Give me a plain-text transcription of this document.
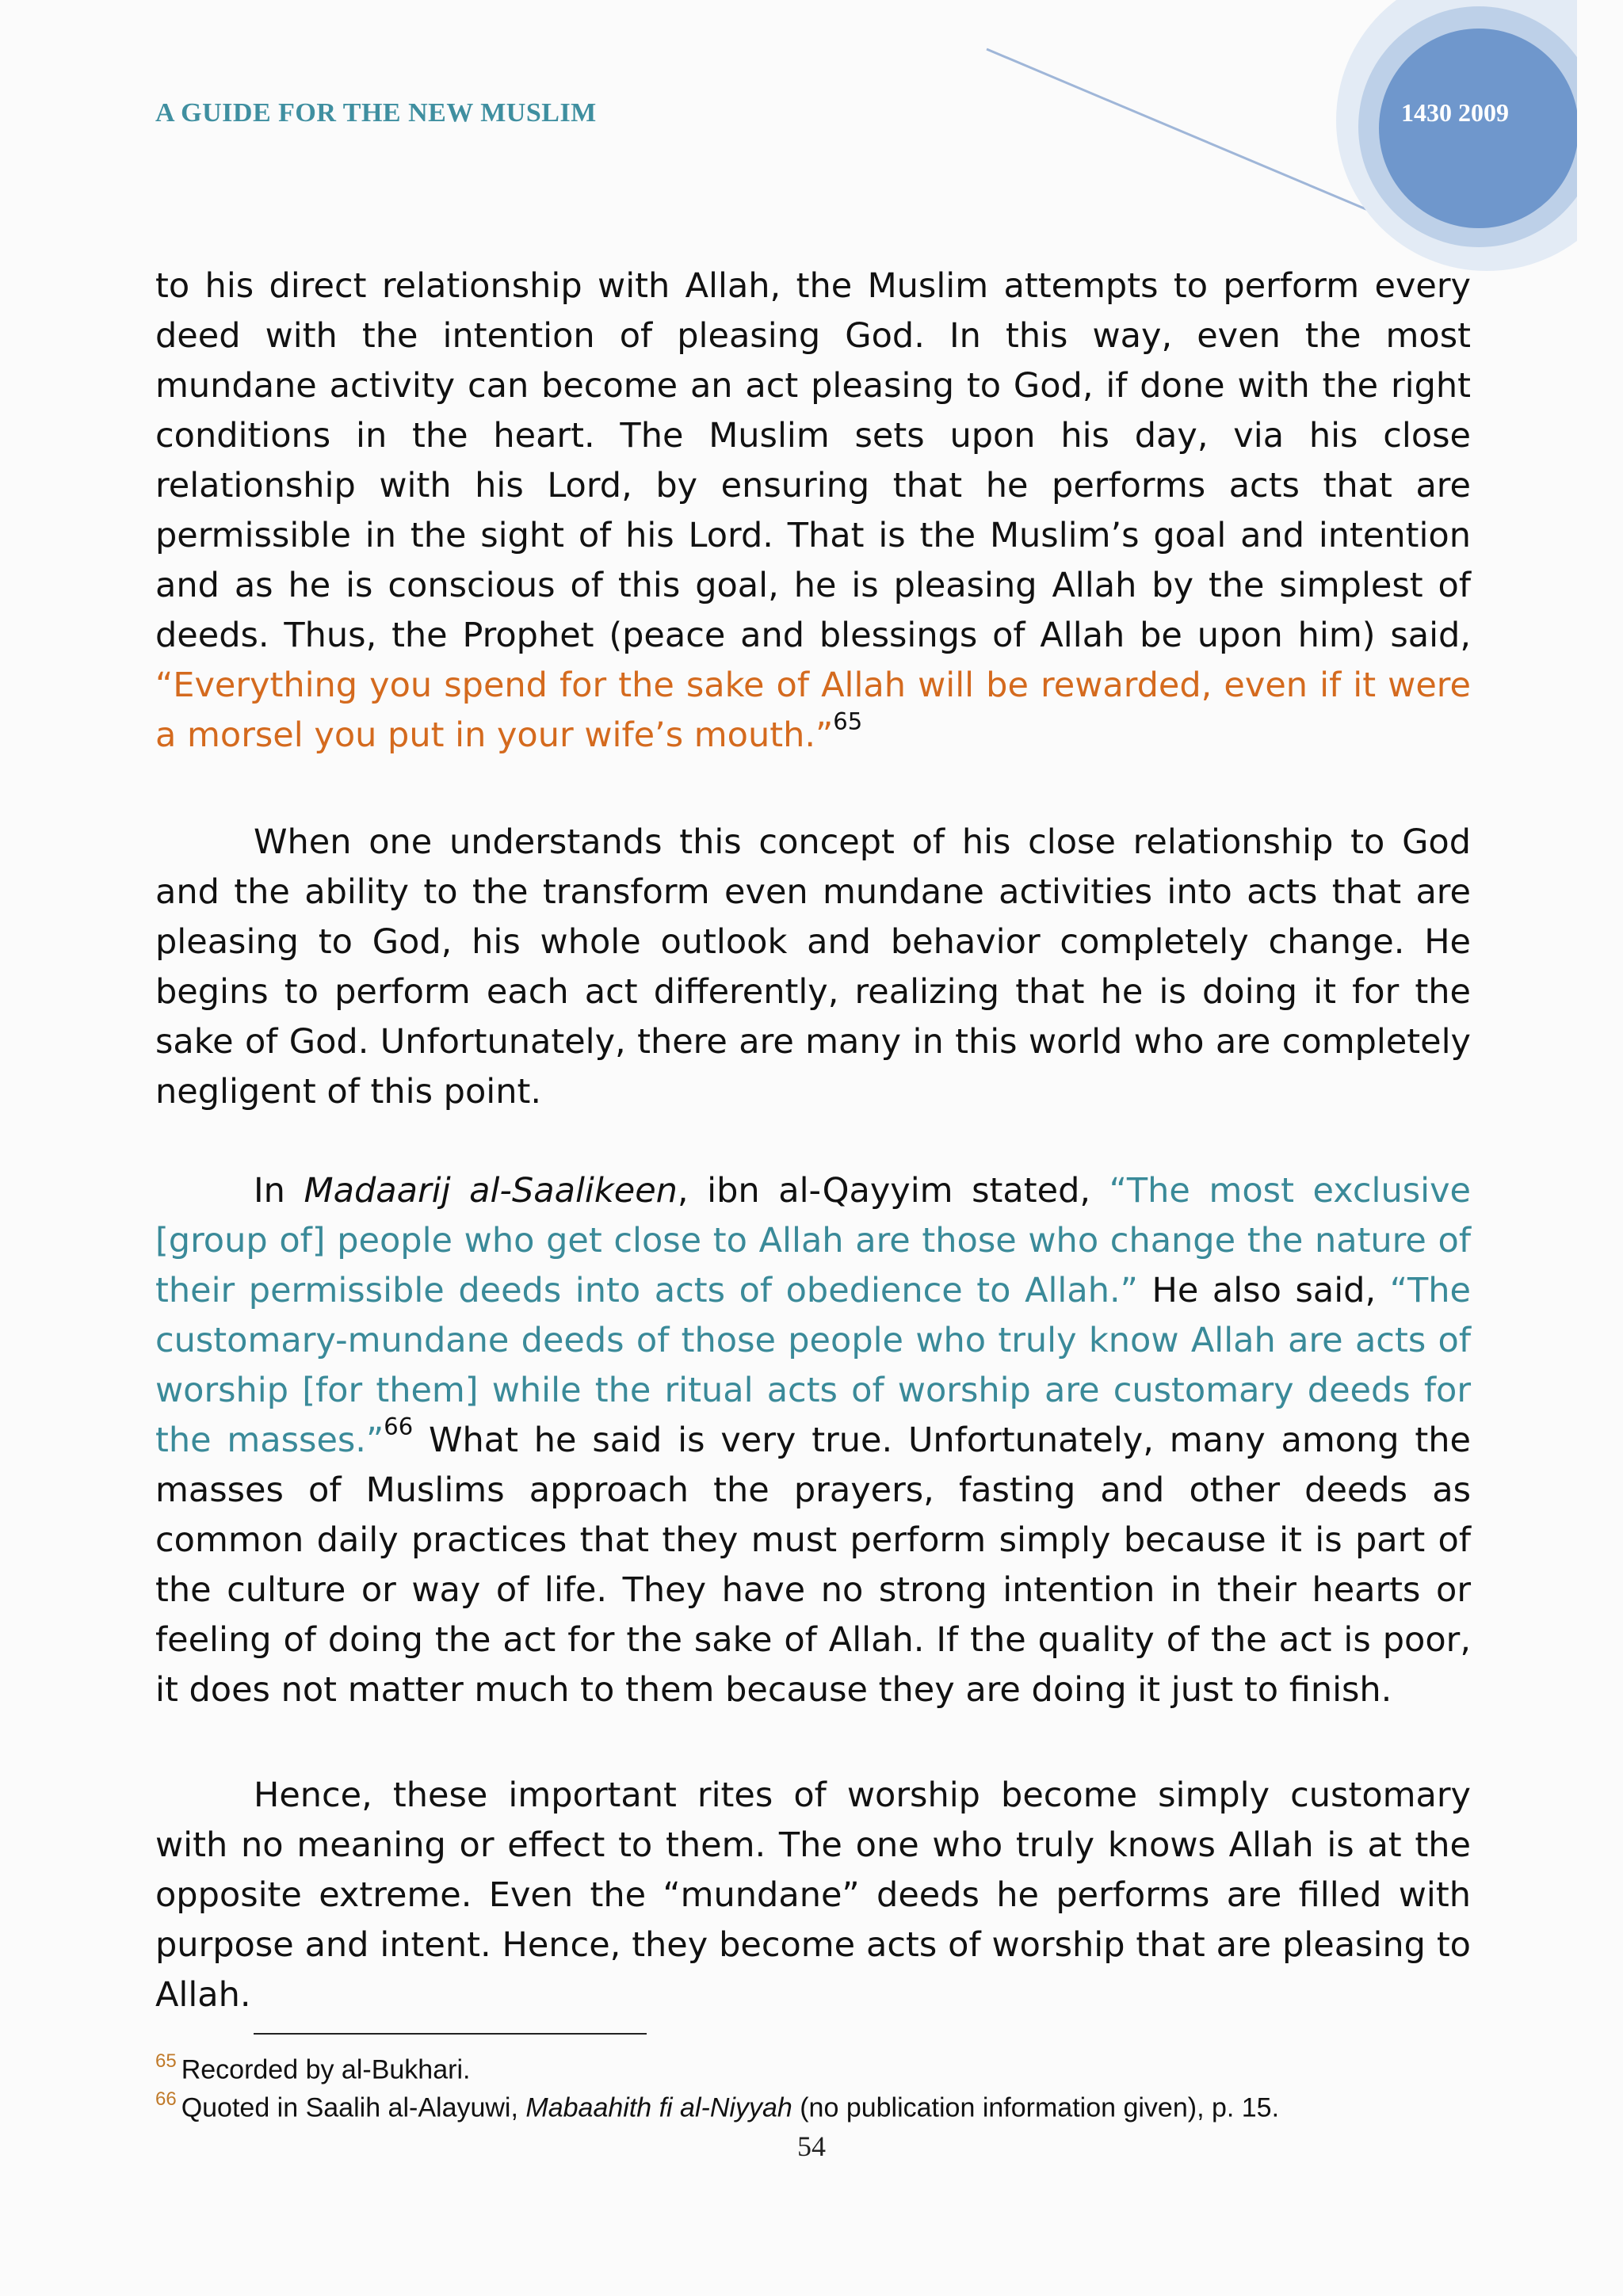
A GUIDE FOR THE NEW MUSLIM	1430 2009
to his direct relationship with Allah, the Muslim attempts to perform every deed with the intention of pleasing God. In this way, even the most mundane activity can become an act pleasing to God, if done with the right conditions in the heart. The Muslim sets upon his day, via his close relationship with his Lord, by ensuring that he performs acts that are permissible in the sight of his Lord. That is the Muslim’s goal and intention and as he is conscious of this goal, he is pleasing Allah by the simplest of deeds. Thus, the Prophet (peace and blessings of Allah be upon him) said, “Everything you spend for the sake of Allah will be rewarded, even if it were a morsel you put in your wife’s mouth.”$^{65}$
When one understands this concept of his close relationship to God and the ability to the transform even mundane activities into acts that are pleasing to God, his whole outlook and behavior completely change. He begins to perform each act differently, realizing that he is doing it for the sake of God. Unfortunately, there are many in this world who are completely negligent of this point.
In Madaarij al-Saalikeen, ibn al-Qayyim stated, “The most exclusive [group of] people who get close to Allah are those who change the nature of their permissible deeds into acts of obedience to Allah.” He also said, “The customary-mundane deeds of those people who truly know Allah are acts of worship [for them] while the ritual acts of worship are customary deeds for the masses.”$^{66}$ What he said is very true. Unfortunately, many among the masses of Muslims approach the prayers, fasting and other deeds as common daily practices that they must perform simply because it is part of the culture or way of life. They have no strong intention in their hearts or feeling of doing the act for the sake of Allah. If the quality of the act is poor, it does not matter much to them because they are doing it just to finish.
Hence, these important rites of worship become simply customary with no meaning or effect to them. The one who truly knows Allah is at the opposite extreme. Even the “mundane” deeds he performs are filled with purpose and intent. Hence, they become acts of worship that are pleasing to Allah.
$^{65}$ Recorded by al-Bukhari.
$^{66}$ Quoted in Saalih al-Alayuwi, Mabaahith fi al-Niyyah (no publication information given), p. 15.
54
